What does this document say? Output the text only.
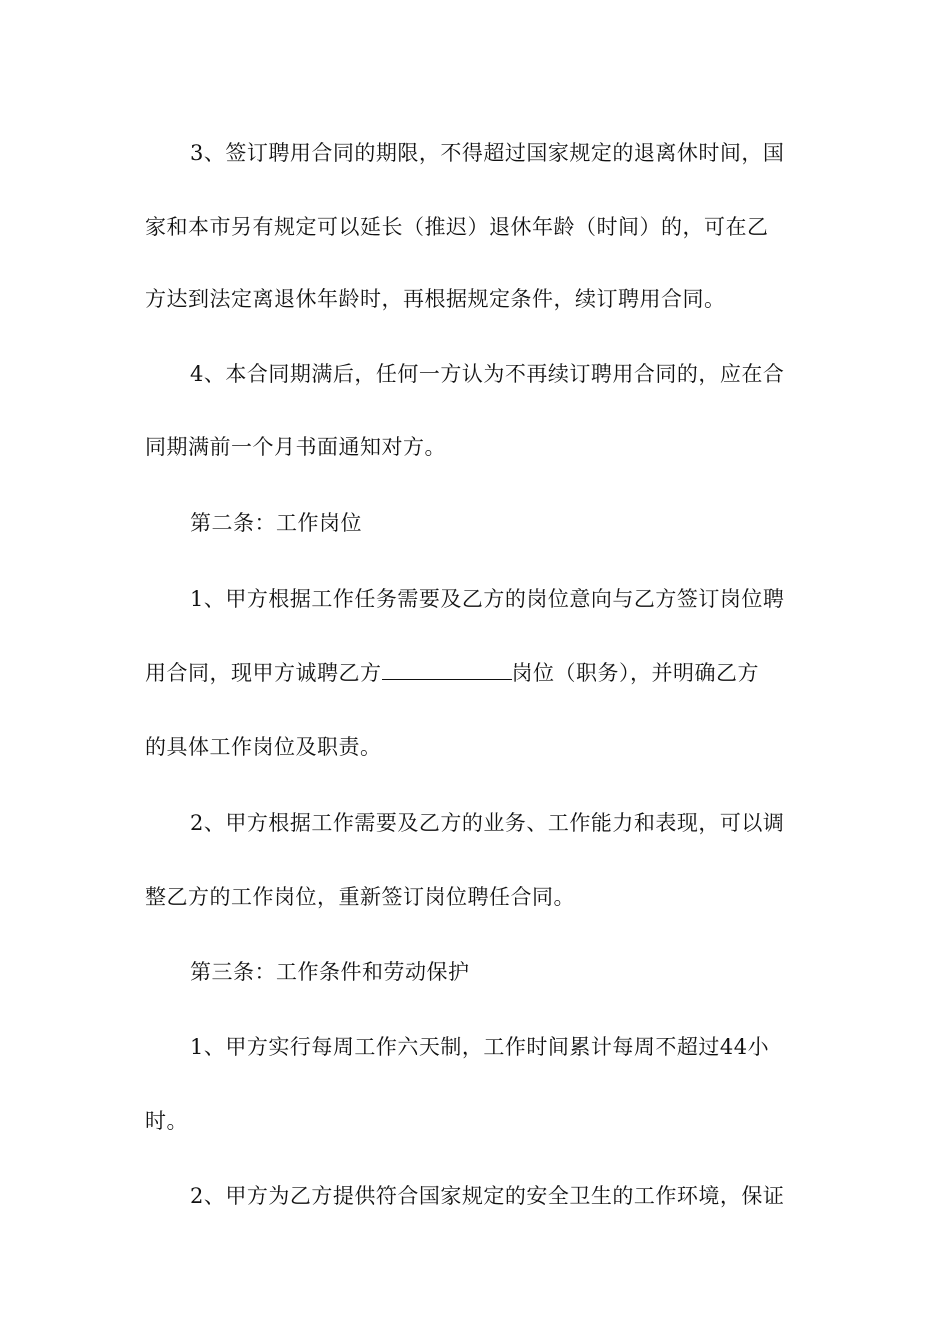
3、签订聘用合同的期限，不得超过国家规定的退离休时间，国
家和本市另有规定可以延长（推迟）退休年龄（时间）的，可在乙
方达到法定离退休年龄时，再根据规定条件，续订聘用合同。
4、本合同期满后，任何一方认为不再续订聘用合同的，应在合
同期满前一个月书面通知对方。
第二条：工作岗位
1、甲方根据工作任务需要及乙方的岗位意向与乙方签订岗位聘
用合同，现甲方诚聘乙方	岗位（职务），并明确乙方
的具体工作岗位及职责。
2、甲方根据工作需要及乙方的业务、工作能力和表现，可以调
整乙方的工作岗位，重新签订岗位聘任合同。
第三条：工作条件和劳动保护
1、甲方实行每周工作六天制，工作时间累计每周不超过44小
时。
2、甲方为乙方提供符合国家规定的安全卫生的工作环境，保证
